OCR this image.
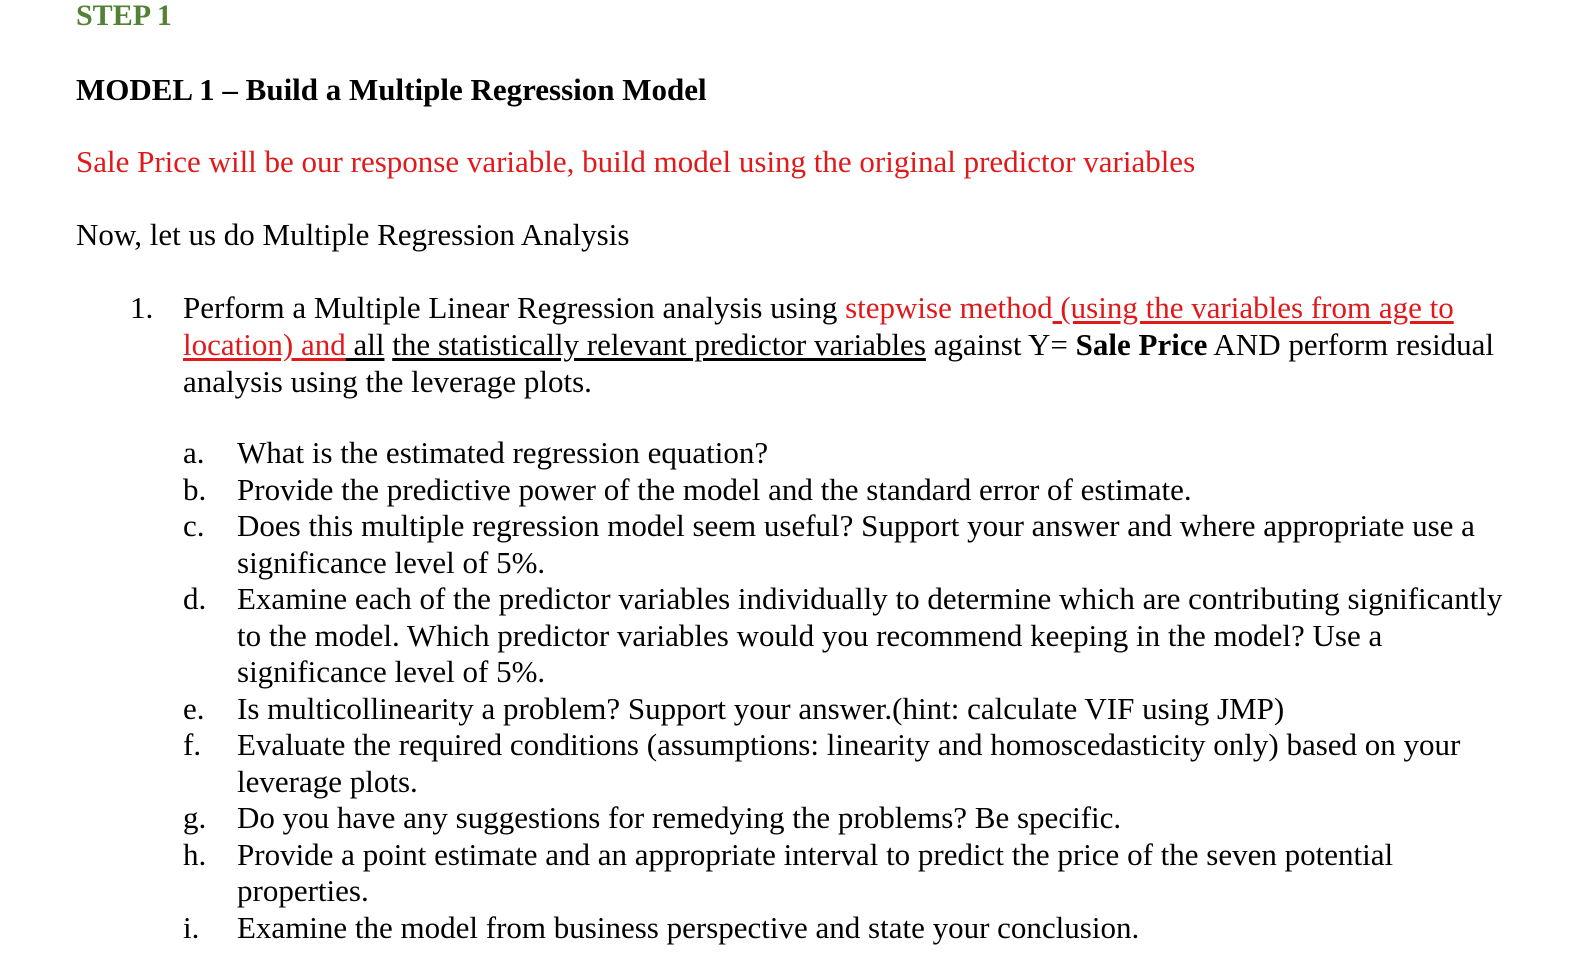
STEP 1
MODEL 1 – Build a Multiple Regression Model
Sale Price will be our response variable, build model using the original predictor variables
Now, let us do Multiple Regression Analysis
1. Perform a Multiple Linear Regression analysis using stepwise method (using the variables from age to location) and all the statistically relevant predictor variables against Y= Sale Price AND perform residual analysis using the leverage plots.
a. What is the estimated regression equation?
b. Provide the predictive power of the model and the standard error of estimate.
c. Does this multiple regression model seem useful? Support your answer and where appropriate use a significance level of 5%.
d. Examine each of the predictor variables individually to determine which are contributing significantly to the model. Which predictor variables would you recommend keeping in the model? Use a significance level of 5%.
e. Is multicollinearity a problem? Support your answer.(hint: calculate VIF using JMP)
f. Evaluate the required conditions (assumptions: linearity and homoscedasticity only) based on your leverage plots.
g. Do you have any suggestions for remedying the problems? Be specific.
h. Provide a point estimate and an appropriate interval to predict the price of the seven potential properties.
i. Examine the model from business perspective and state your conclusion.
